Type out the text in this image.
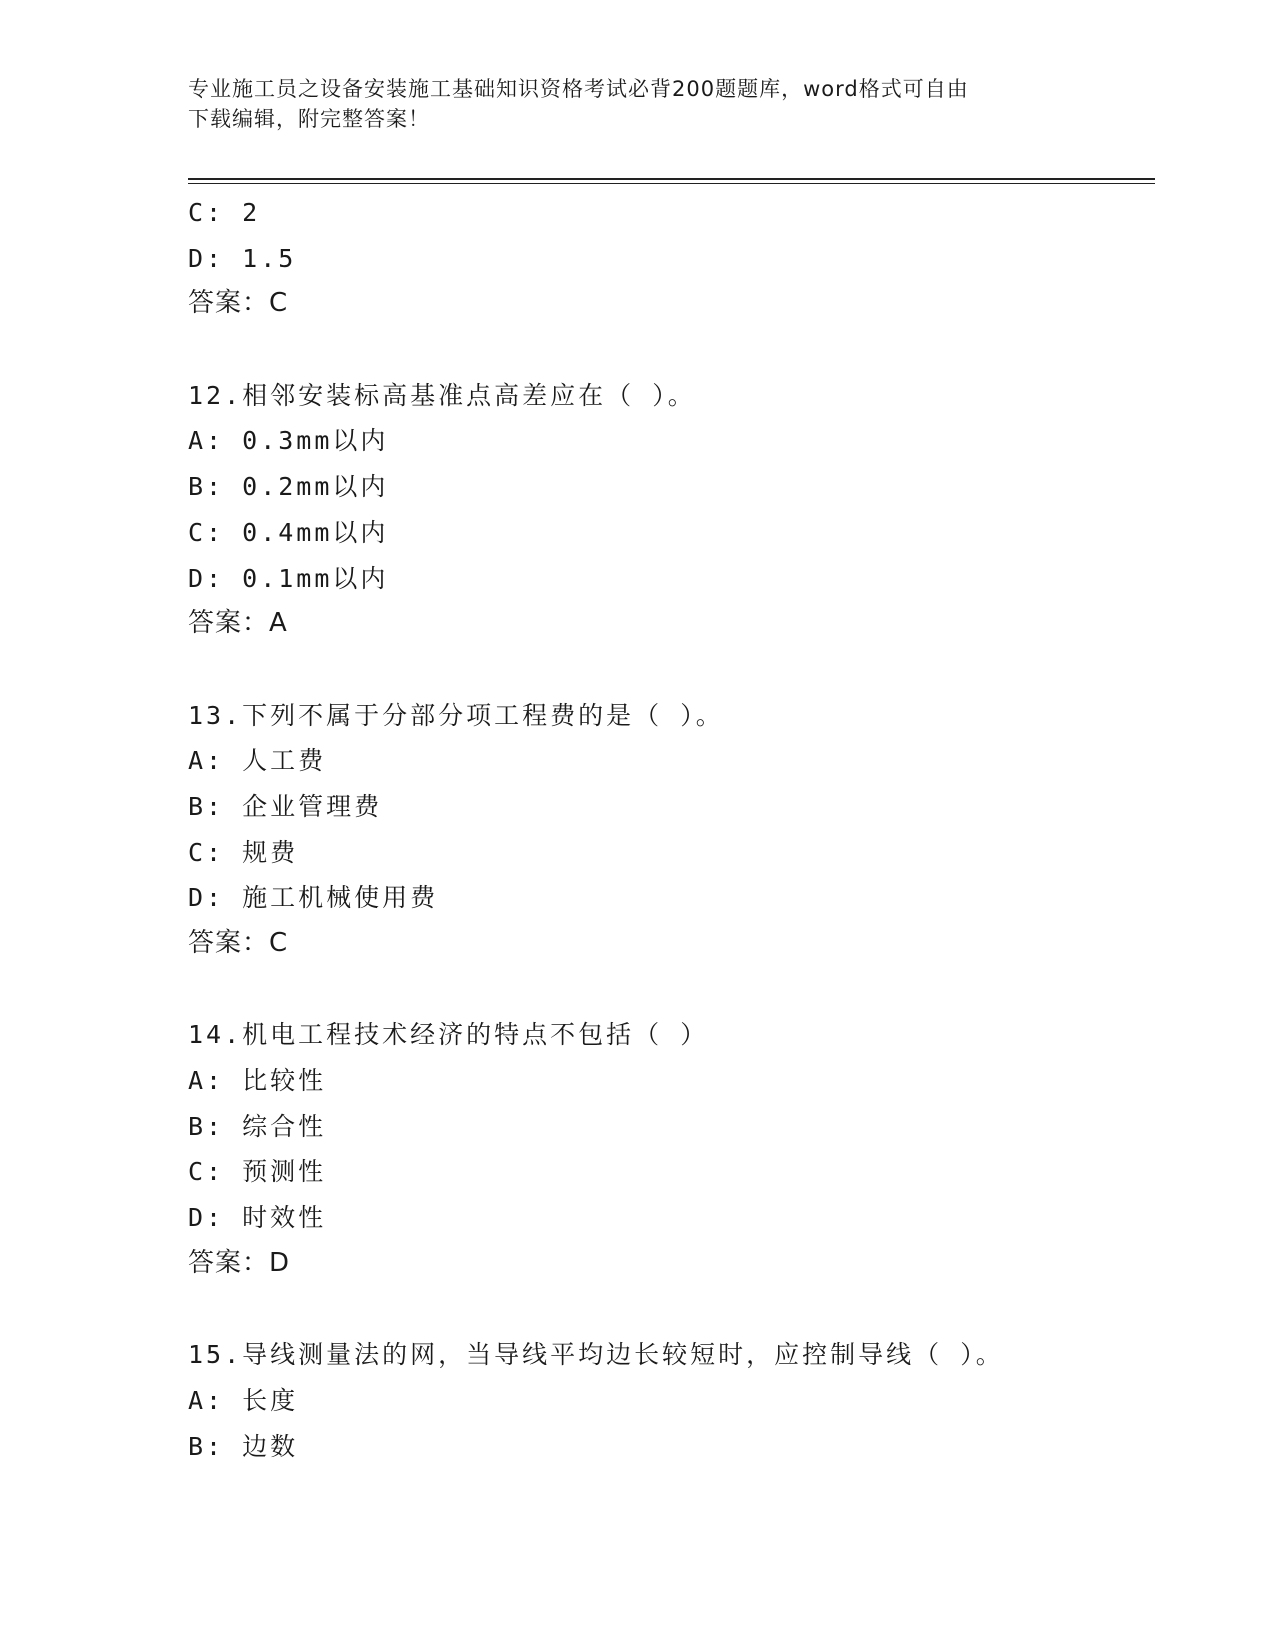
专业施工员之设备安装施工基础知识资格考试必背200题题库，word格式可自由
下载编辑，附完整答案！
C: 2
D: 1.5
答案：C
12.相邻安装标高基准点高差应在（ ）。
A: 0.3mm以内
B: 0.2mm以内
C: 0.4mm以内
D: 0.1mm以内
答案：A
13.下列不属于分部分项工程费的是（ ）。
A: 人工费
B: 企业管理费
C: 规费
D: 施工机械使用费
答案：C
14.机电工程技术经济的特点不包括（ ）
A: 比较性
B: 综合性
C: 预测性
D: 时效性
答案：D
15.导线测量法的网，当导线平均边长较短时，应控制导线（ ）。
A: 长度
B: 边数
